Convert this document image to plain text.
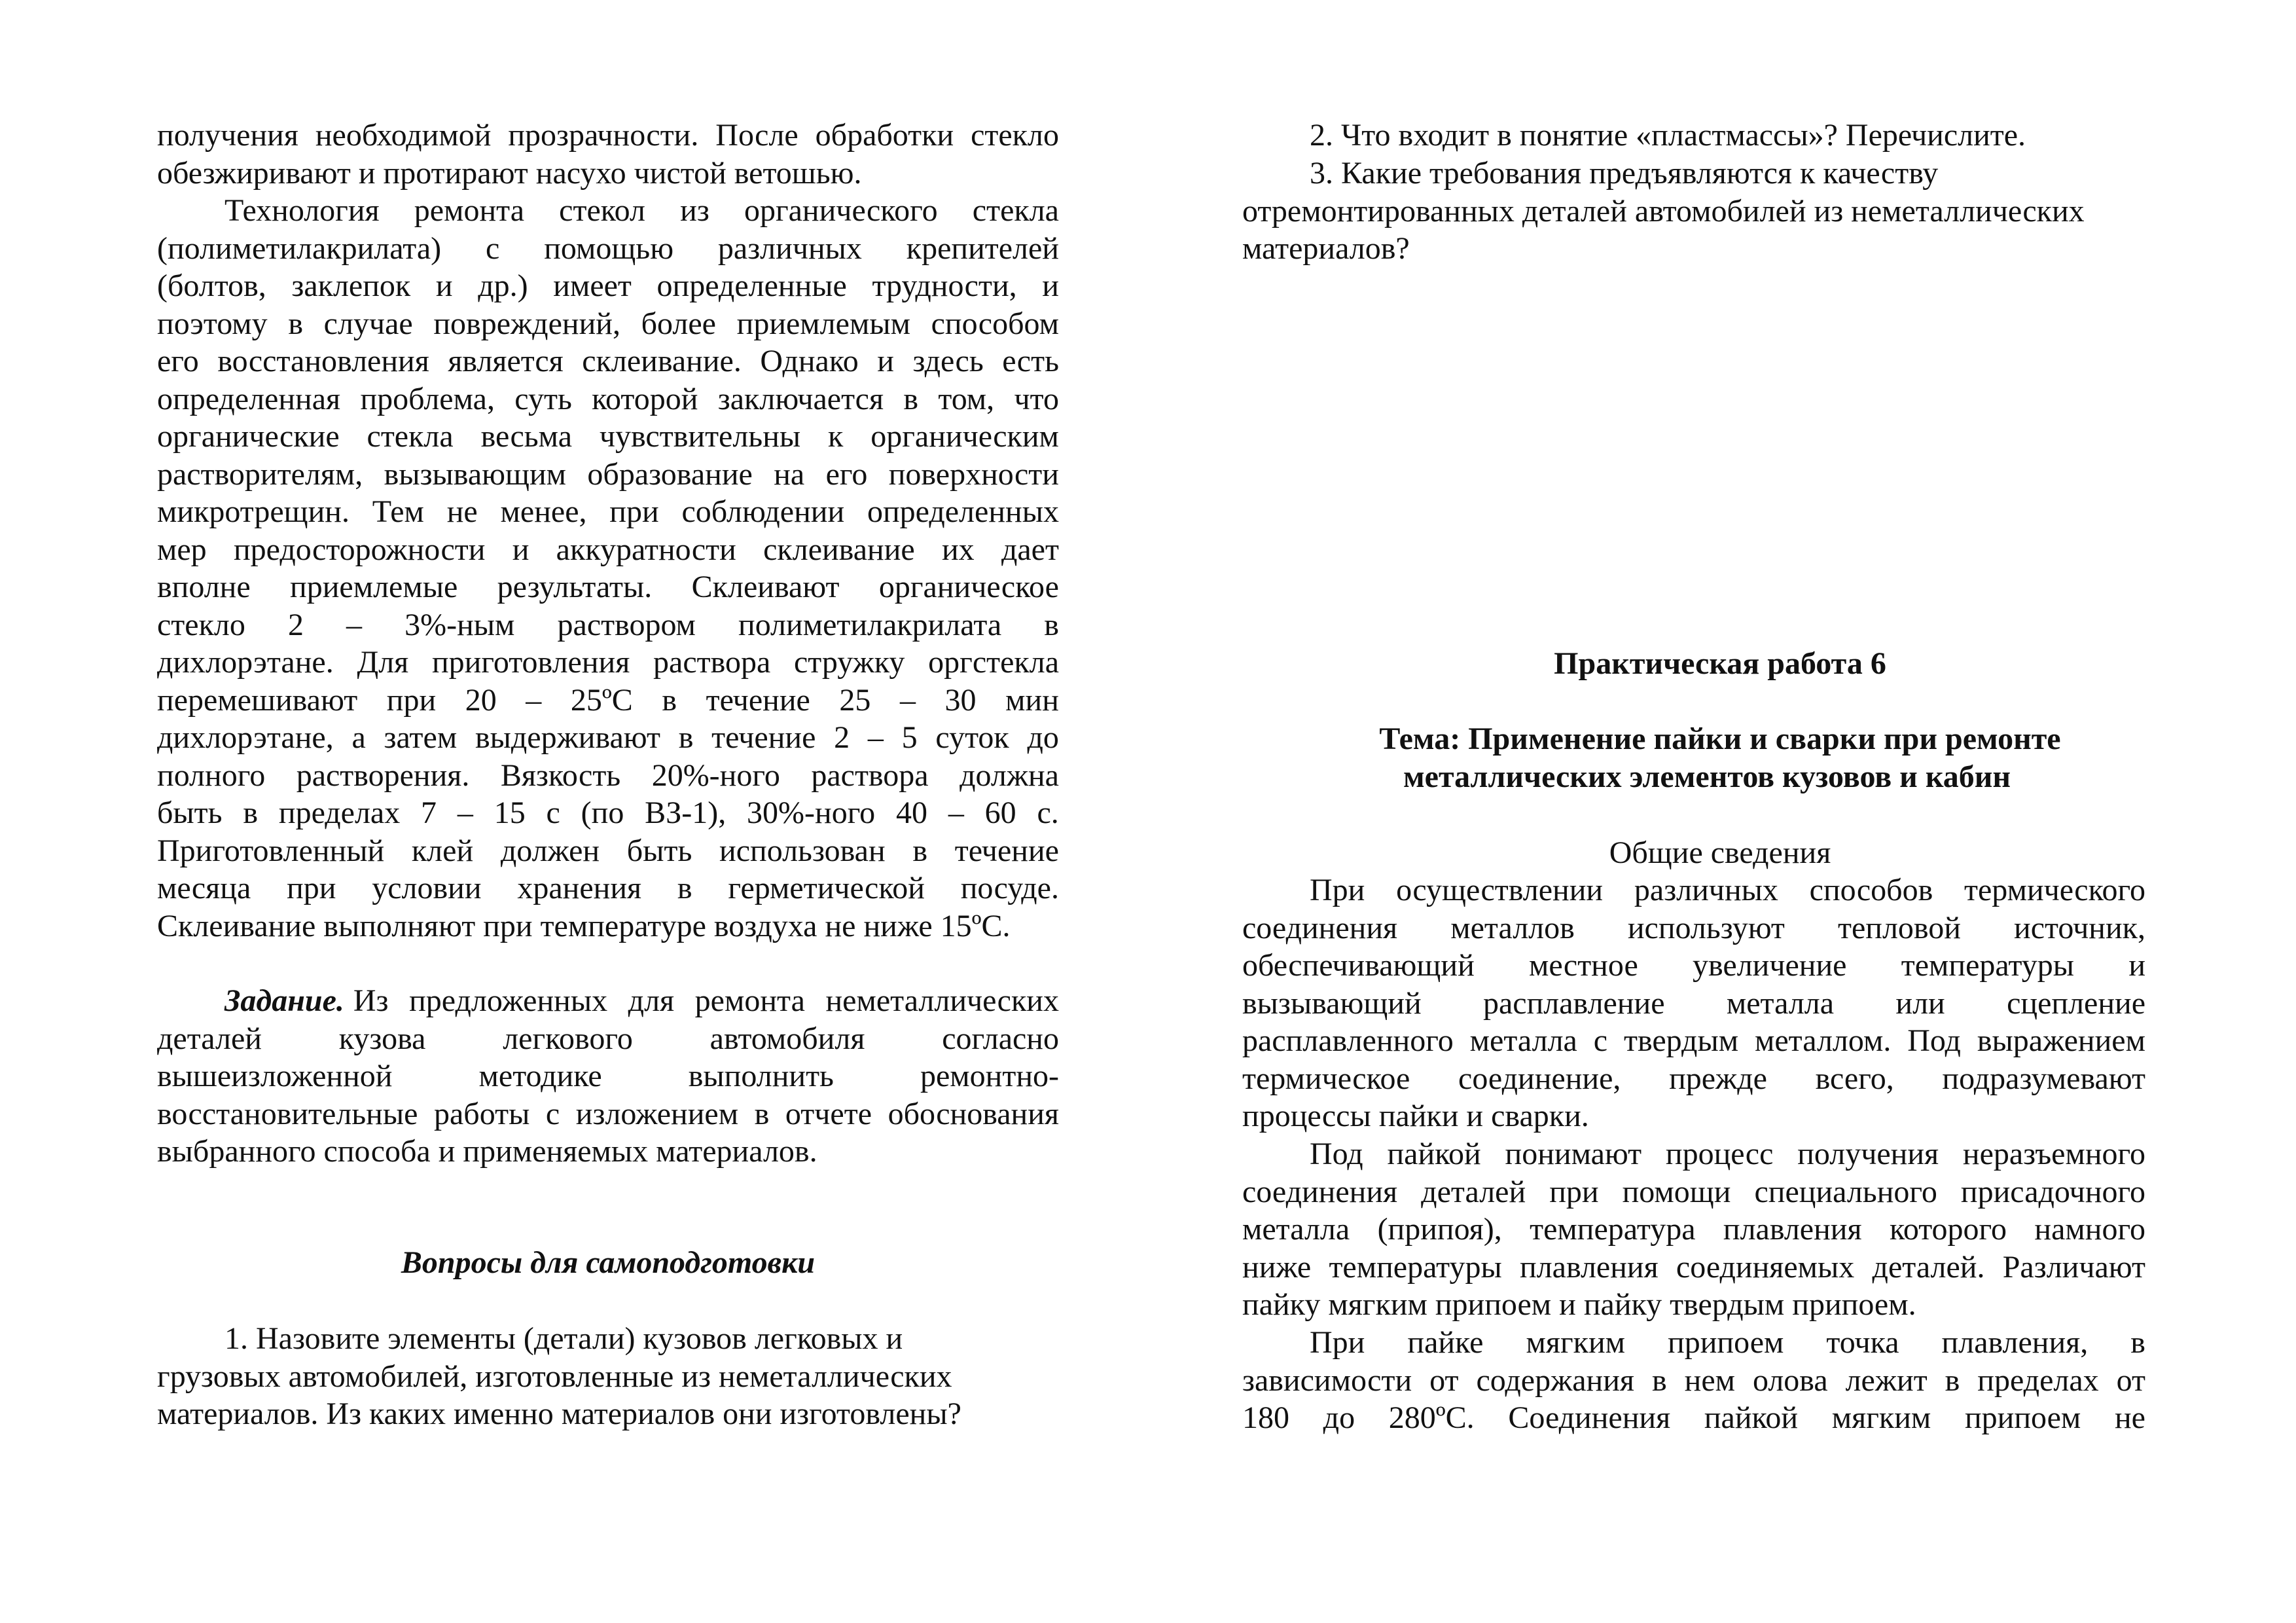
получения необходимой прозрачности. После обработки стекло
обезжиривают и протирают насухо чистой ветошью.
Технология ремонта стекол из органического стекла
(полиметилакрилата) с помощью различных крепителей
(болтов, заклепок и др.) имеет определенные трудности, и
поэтому в случае повреждений, более приемлемым способом
его восстановления является склеивание. Однако и здесь есть
определенная проблема, суть которой заключается в том, что
органические стекла весьма чувствительны к органическим
растворителям, вызывающим образование на его поверхности
микротрещин. Тем не менее, при соблюдении определенных
мер предосторожности и аккуратности склеивание их дает
вполне приемлемые результаты. Склеивают органическое
стекло 2 – 3%-ным раствором полиметилакрилата в
дихлорэтане. Для приготовления раствора стружку оргстекла
перемешивают при 20 – 25ºС в течение 25 – 30 мин
дихлорэтане, а затем выдерживают в течение 2 – 5 суток до
полного растворения. Вязкость 20%-ного раствора должна
быть в пределах 7 – 15 с (по ВЗ-1), 30%-ного 40 – 60 с.
Приготовленный клей должен быть использован в течение
месяца при условии хранения в герметической посуде.
Склеивание выполняют при температуре воздуха не ниже 15ºС.
Задание. Из предложенных для ремонта неметаллических
деталей кузова легкового автомобиля согласно
вышеизложенной	методике	выполнить	ремонтно-
восстановительные работы с изложением в отчете обоснования
выбранного способа и применяемых материалов.
Вопросы для самоподготовки
1. Назовите элементы (детали) кузовов легковых и
грузовых автомобилей, изготовленные из неметаллических
материалов. Из каких именно материалов они изготовлены?
2. Что входит в понятие «пластмассы»? Перечислите.
3. Какие требования предъявляются к качеству
отремонтированных деталей автомобилей из неметаллических
материалов?
Практическая работа 6
Тема: Применение пайки и сварки при ремонте
металлических элементов кузовов и кабин
Общие сведения
При осуществлении различных способов термического
соединения металлов используют тепловой источник,
обеспечивающий местное увеличение температуры и
вызывающий расплавление металла или сцепление
расплавленного металла с твердым металлом. Под выражением
термическое соединение, прежде всего, подразумевают
процессы пайки и сварки.
Под пайкой понимают процесс получения неразъемного
соединения деталей при помощи специального присадочного
металла (припоя), температура плавления которого намного
ниже температуры плавления соединяемых деталей. Различают
пайку мягким припоем и пайку твердым припоем.
При пайке мягким припоем точка плавления, в
зависимости от содержания в нем олова лежит в пределах от
180 до 280ºС. Соединения пайкой мягким припоем не
